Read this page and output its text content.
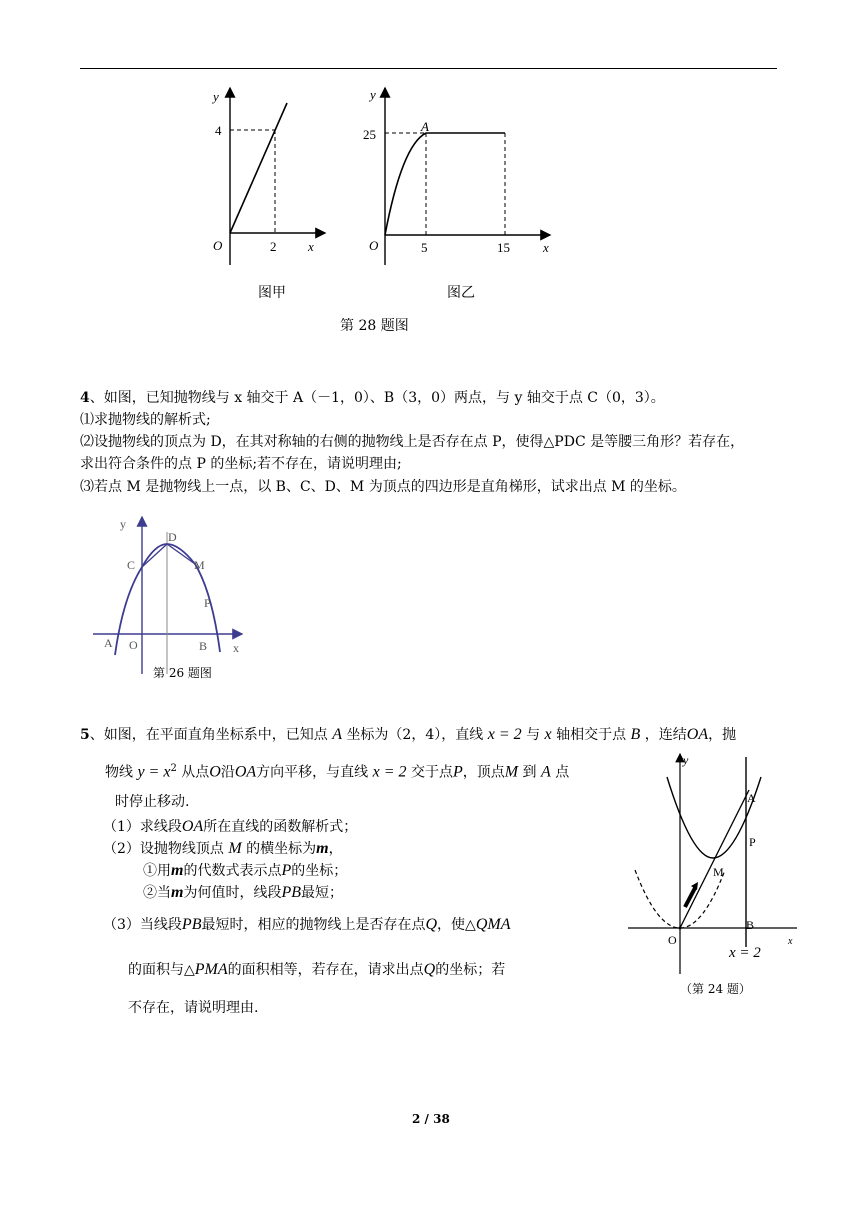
y
4
O	2 x
图甲
y
25
A
O	5	15	x
图乙
第 28 题图
4、如图，已知抛物线与 x 轴交于 A（－1，0）、B（3，0）两点，与 y 轴交于点 C（0，3）。
⑴求抛物线的解析式;
⑵设抛物线的顶点为 D，在其对称轴的右侧的抛物线上是否存在点 P，使得△PDC 是等腰三角形？若存在，
求出符合条件的点 P 的坐标;若不存在，请说明理由;
⑶若点 M 是抛物线上一点，以 B、C、D、M 为顶点的四边形是直角梯形，试求出点 M 的坐标。
y
D
C	M
P
A O	B x
第 26 题图
5、如图，在平面直角坐标系中，已知点 A 坐标为（2，4），直线 x = 2 与 x 轴相交于点 B ，连结OA，抛
物线 $y = x^2$ 从点O沿OA方向平移，与直线 x = 2 交于点P，顶点M 到 A 点
时停止移动.
（1）求线段OA所在直线的函数解析式；
（2）设抛物线顶点 M 的横坐标为m，
①用m的代数式表示点P的坐标；
②当m为何值时，线段PB最短；
（3）当线段PB最短时，相应的抛物线上是否存在点Q，使△QMA
的面积与△PMA的面积相等，若存在，请求出点Q的坐标；若
不存在，请说明理由.
y
A
P
M
B
O	x
x = 2
（第 24 题）
2 / 38
